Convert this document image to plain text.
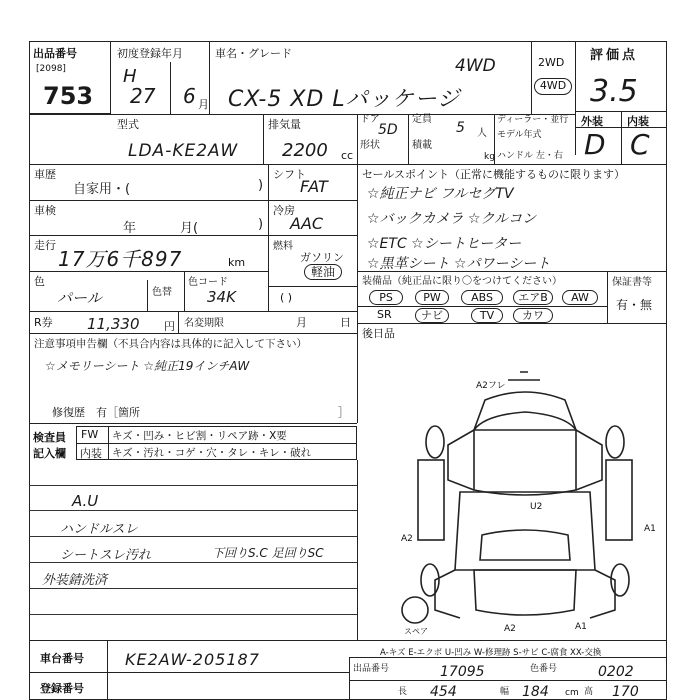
出品番号
[2098]
753
初度登録年月
H
27 6 月
車名・グレード
CX-5 XD Lパッケージ
4WD	2WD
4WD
評価点
3.5
外装 内装
D C
型式
LDA-KE2AW
排気量
2200 cc
ドア
5D
形状
定員
5 人
積載
kg
ディーラー・並行
モデル年式
ハンドル 左・右
車歴
自家用・(	)
シフト
FAT
車検
年	月(	)
冷房
AAC
走行
17万6千897	km
燃料
ガソリン
軽油
色
パール	色替
色コード
34K	( )
R券 11,330 円 名変期限	月	日
注意事項申告欄（不具合内容は具体的に記入して下さい）
☆メモリーシート ☆純正19インチAW
修復歴　有［箇所	］
セールスポイント（正常に機能するものに限ります）
☆純正ナビ フルセグTV
☆バックカメラ ☆クルコン
☆ETC ☆シートヒーター
☆黒革シート ☆パワーシート
装備品（純正品に限り〇をつけてください）	保証書等
有・無
PS	PW	ABS	エアB	AW
SR	ナビ	TV	カワ
後日品
検査員
記入欄
FW
内装
キズ・凹み・ヒビ割・リペア跡・X要
キズ・汚れ・コゲ・穴・タレ・キレ・破れ
A.U
ハンドルスレ
シートスレ汚れ
外装錆洗済
下回りS.C 足回りSC
A2フレ
U2
A1
A2
A2	A1
スペア
A-キズ E-エクボ U-凹み W-修理跡 S-サビ C-腐食 XX-交換
車台番号	KE2AW-205187
登録番号
出品番号	17095	色番号	0202
長 454	幅 184 cm 高 170
